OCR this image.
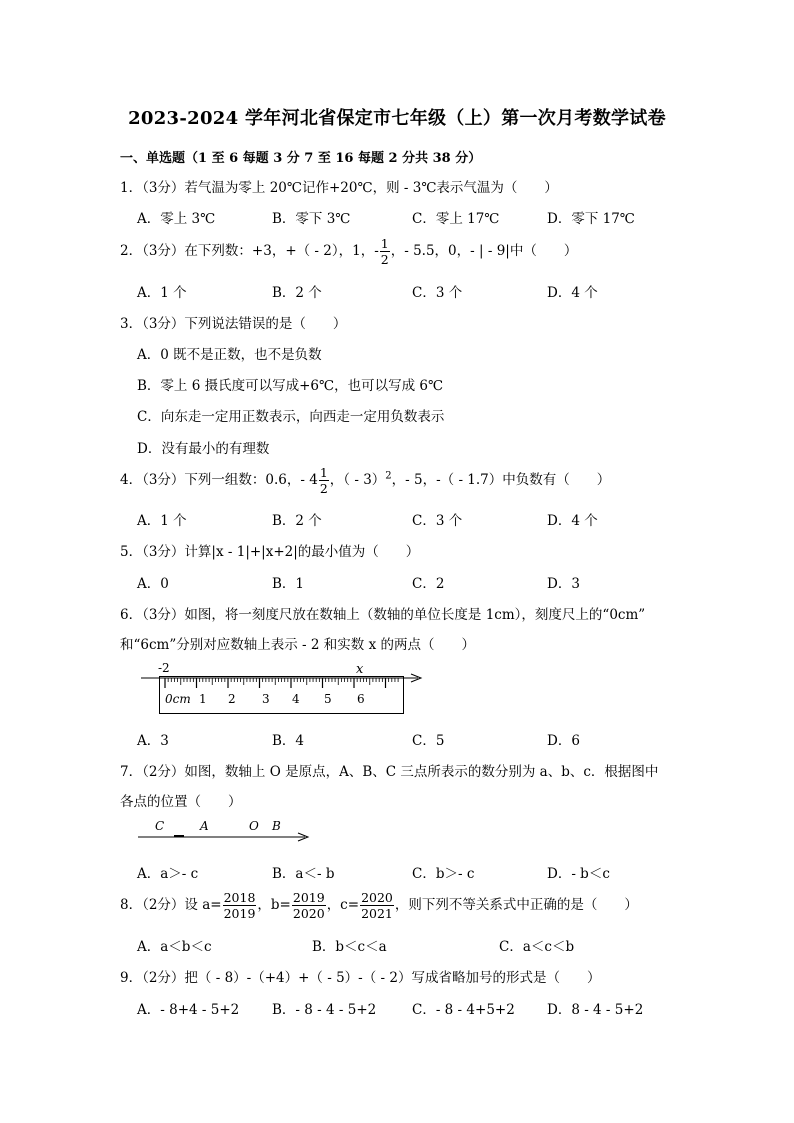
2023-2024 学年河北省保定市七年级（上）第一次月考数学试卷
一、单选题（1 至 6 每题 3 分 7 至 16 每题 2 分共 38 分）
1．（3分）若气温为零上 20℃记作+20℃，则 - 3℃表示气温为（　　）
A．零上 3℃	B．零下 3℃	C．零上 17℃	D．零下 17℃
2．（3分）在下列数：+3，+（ - 2），1，- $\frac{1}{2}$ ，- 5.5，0，- | - 9|中（　　）
A．1 个	B．2 个	C．3 个	D．4 个
3．（3分）下列说法错误的是（　　）
A．0 既不是正数，也不是负数
B．零上 6 摄氏度可以写成+6℃，也可以写成 6℃
C．向东走一定用正数表示，向西走一定用负数表示
D．没有最小的有理数
4．（3分）下列一组数：0.6，- $4 \frac{1}{2}$ ，（ - 3）$^2$，- 5，-（ - 1.7）中负数有（　　）
A．1 个	B．2 个	C．3 个	D．4 个
5．（3分）计算|x - 1|+|x+2|的最小值为（　　）
A．0	B．1	C．2	D．3
6．（3分）如图，将一刻度尺放在数轴上（数轴的单位长度是 1cm），刻度尺上的“0cm”
和“6cm”分别对应数轴上表示 - 2 和实数 x 的两点（　　）
-2	x
0cm 1 2 3 4 5 6
A．3	B．4	C．5	D．6
7．（2分）如图，数轴上 O 是原点，A、B、C 三点所表示的数分别为 a、b、c．根据图中
各点的位置（　　）
C	A	O B
A．a＞- c	B．a＜- b	C．b＞- c	D．- b＜c
8．（2分）设 $a= \frac{2018}{2019}$ ，$b= \frac{2019}{2020}$ ，$c= \frac{2020}{2021}$ ，则下列不等关系式中正确的是（　　）
A．a＜b＜c	B．b＜c＜a	C．a＜c＜b
9．（2分）把（ - 8）-（+4）+（ - 5）-（ - 2）写成省略加号的形式是（　　）
A．- 8+4 - 5+2 B．- 8 - 4 - 5+2	C．- 8 - 4+5+2 D．8 - 4 - 5+2
